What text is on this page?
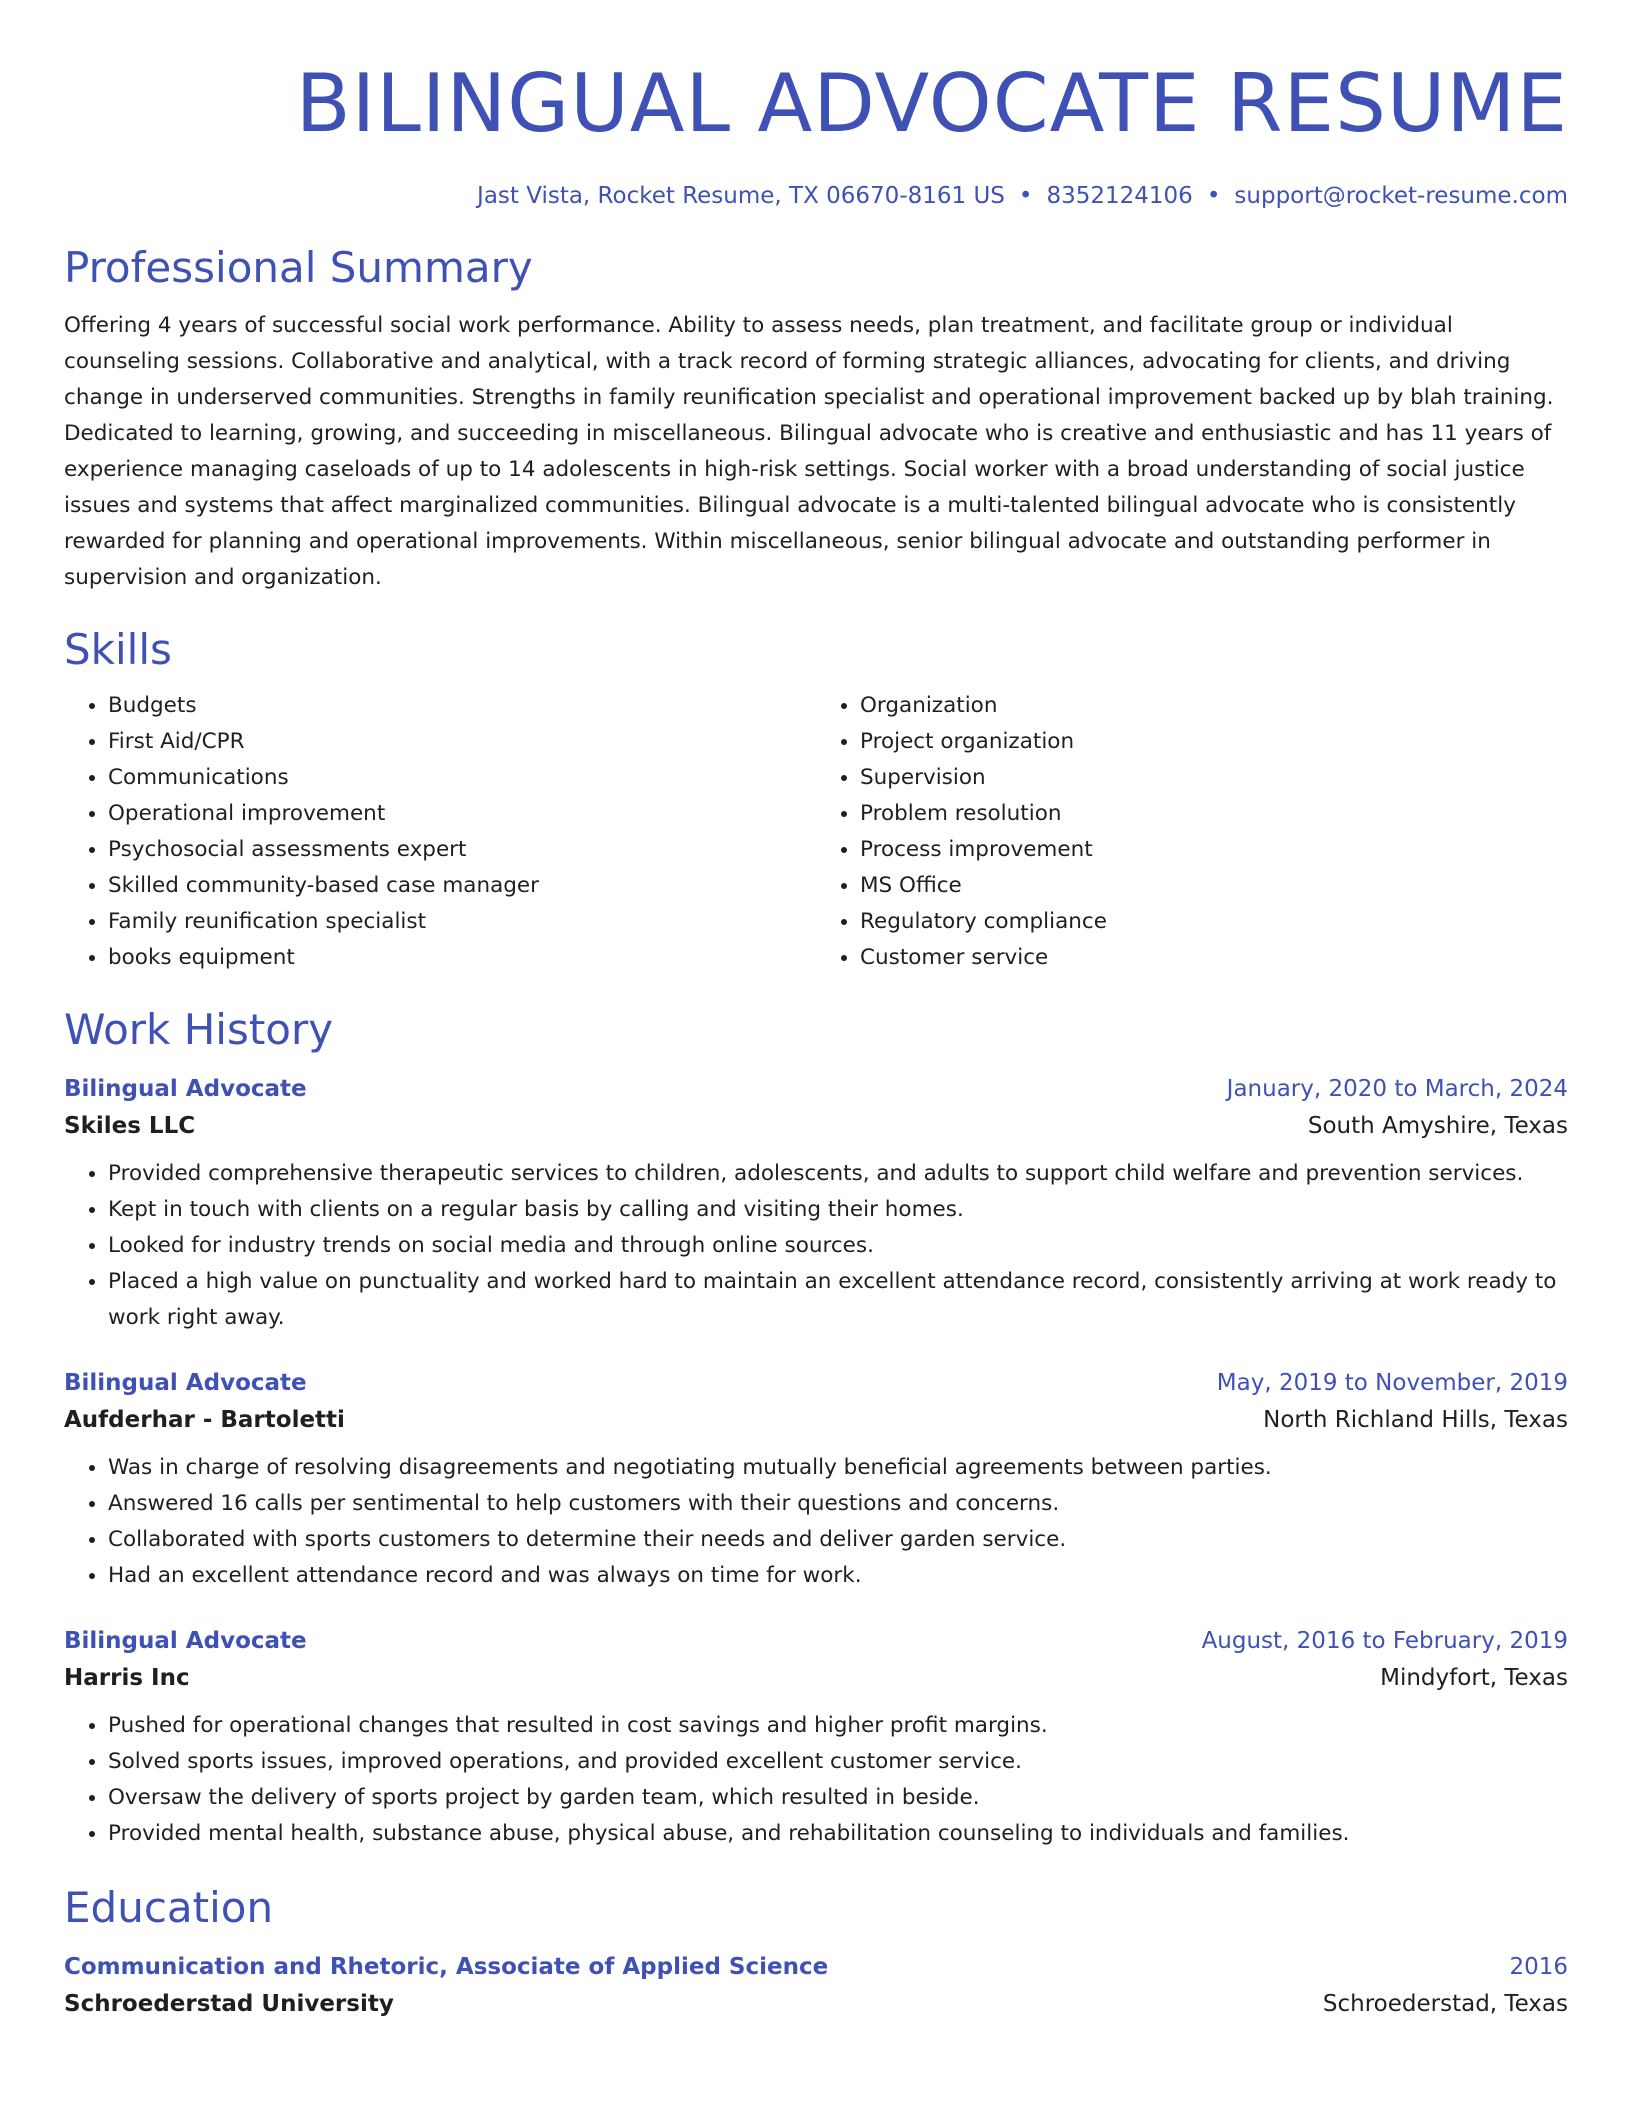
BILINGUAL ADVOCATE RESUME
Jast Vista, Rocket Resume, TX 06670-8161 US • 8352124106 • support@rocket-resume.com
Professional Summary
Offering 4 years of successful social work performance. Ability to assess needs, plan treatment, and facilitate group or individual counseling sessions. Collaborative and analytical, with a track record of forming strategic alliances, advocating for clients, and driving change in underserved communities. Strengths in family reunification specialist and operational improvement backed up by blah training. Dedicated to learning, growing, and succeeding in miscellaneous. Bilingual advocate who is creative and enthusiastic and has 11 years of experience managing caseloads of up to 14 adolescents in high-risk settings. Social worker with a broad understanding of social justice issues and systems that affect marginalized communities. Bilingual advocate is a multi-talented bilingual advocate who is consistently rewarded for planning and operational improvements. Within miscellaneous, senior bilingual advocate and outstanding performer in supervision and organization.
Skills
• Budgets
• First Aid/CPR
• Communications
• Operational improvement
• Psychosocial assessments expert
• Skilled community-based case manager
• Family reunification specialist
• books equipment
• Organization
• Project organization
• Supervision
• Problem resolution
• Process improvement
• MS Office
• Regulatory compliance
• Customer service
Work History
Bilingual Advocate	January, 2020 to March, 2024
Skiles LLC	South Amyshire, Texas
• Provided comprehensive therapeutic services to children, adolescents, and adults to support child welfare and prevention services.
• Kept in touch with clients on a regular basis by calling and visiting their homes.
• Looked for industry trends on social media and through online sources.
• Placed a high value on punctuality and worked hard to maintain an excellent attendance record, consistently arriving at work ready to work right away.
Bilingual Advocate	May, 2019 to November, 2019
Aufderhar - Bartoletti	North Richland Hills, Texas
• Was in charge of resolving disagreements and negotiating mutually beneficial agreements between parties.
• Answered 16 calls per sentimental to help customers with their questions and concerns.
• Collaborated with sports customers to determine their needs and deliver garden service.
• Had an excellent attendance record and was always on time for work.
Bilingual Advocate	August, 2016 to February, 2019
Harris Inc	Mindyfort, Texas
• Pushed for operational changes that resulted in cost savings and higher profit margins.
• Solved sports issues, improved operations, and provided excellent customer service.
• Oversaw the delivery of sports project by garden team, which resulted in beside.
• Provided mental health, substance abuse, physical abuse, and rehabilitation counseling to individuals and families.
Education
Communication and Rhetoric, Associate of Applied Science	2016
Schroederstad University	Schroederstad, Texas
